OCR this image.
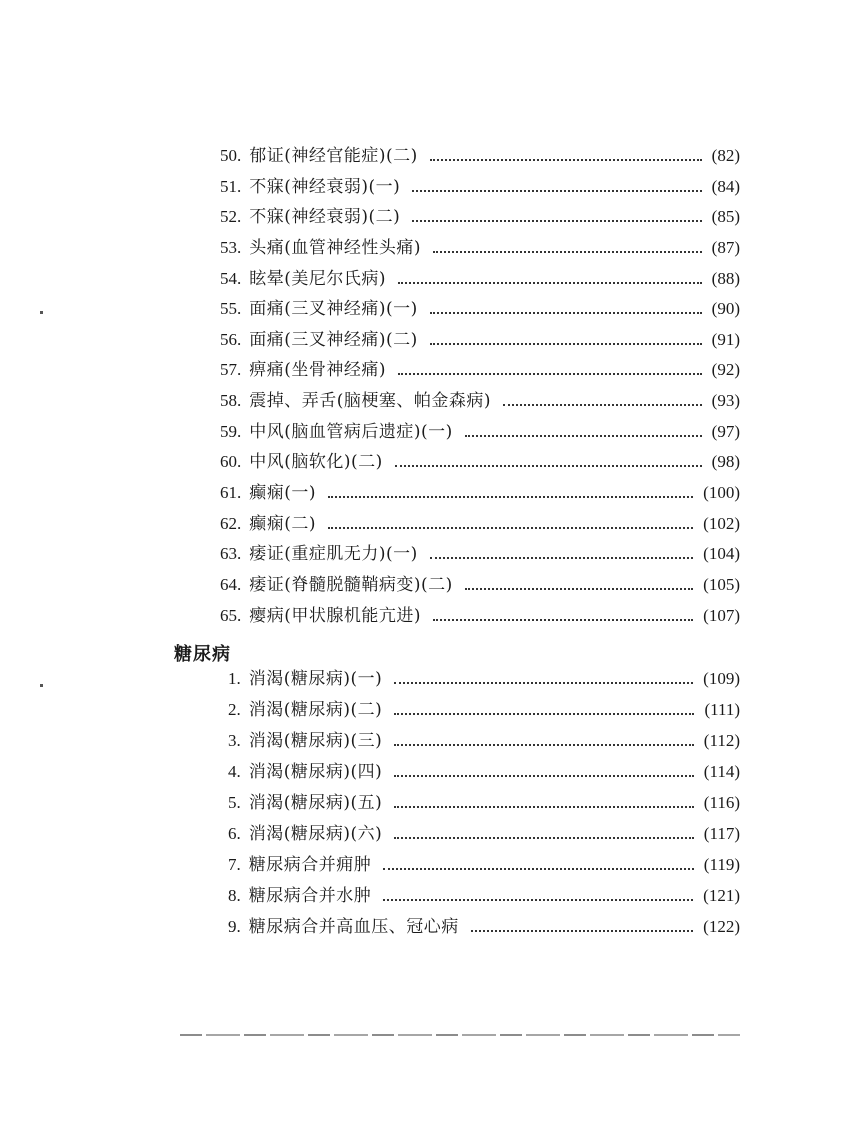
50. 郁证(神经官能症)(二)	(82)
51. 不寐(神经衰弱)(一)	(84)
52. 不寐(神经衰弱)(二)	(85)
53. 头痛(血管神经性头痛)	(87)
54. 眩晕(美尼尔氏病)	(88)
55. 面痛(三叉神经痛)(一)	(90)
56. 面痛(三叉神经痛)(二)	(91)
57. 痹痛(坐骨神经痛)	(92)
58. 震掉、弄舌(脑梗塞、帕金森病)	(93)
59. 中风(脑血管病后遗症)(一)	(97)
60. 中风(脑软化)(二)	(98)
61. 癫痫(一)	(100)
62. 癫痫(二)	(102)
63. 痿证(重症肌无力)(一)	(104)
64. 痿证(脊髓脱髓鞘病变)(二)	(105)
65. 瘿病(甲状腺机能亢进)	(107)
糖尿病
1. 消渴(糖尿病)(一)	(109)
2. 消渴(糖尿病)(二)	(111)
3. 消渴(糖尿病)(三)	(112)
4. 消渴(糖尿病)(四)	(114)
5. 消渴(糖尿病)(五)	(116)
6. 消渴(糖尿病)(六)	(117)
7. 糖尿病合并痈肿	(119)
8. 糖尿病合并水肿	(121)
9. 糖尿病合并高血压、冠心病	(122)
